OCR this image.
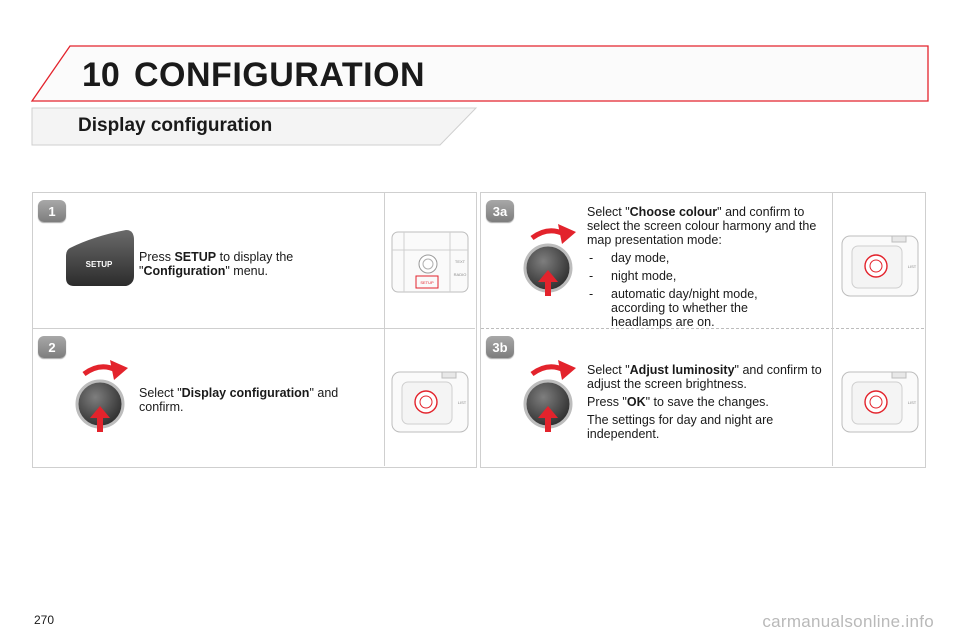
10 CONFIGURATION
Display configuration
1
2
3a
3b
SETUP

Press SETUP to display the "Configuration" menu.

SETUP
TEXT
RADIO

Select "Display configuration" and confirm.	LIST

Select "Choose colour" and confirm to select the screen colour harmony and the map presentation mode:

- day mode,
- night mode,
- automatic day/night mode, according to whether the headlamps are on.
LIST

Select "Adjust luminosity" and confirm to adjust the screen brightness.

Press "OK" to save the changes.

The settings for day and night are independent.

LIST
270	carmanualsonline.info
